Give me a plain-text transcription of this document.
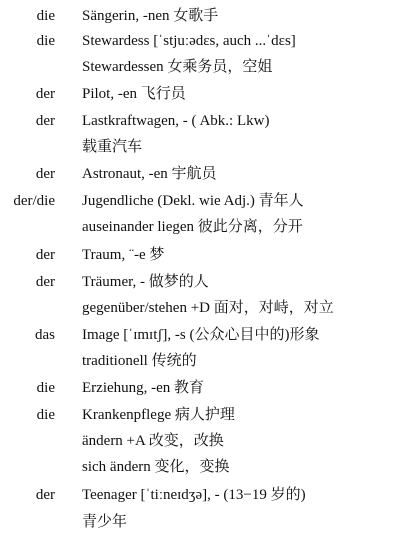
die Sängerin, -nen 女歌手
die Stewardess [ˈstjuːədɛs, auch ...ˈdɛs]
Stewardessen 女乘务员，空姐
der Pilot, -en 飞行员
der Lastkraftwagen, - ( Abk.: Lkw)
载重汽车
der Astronaut, -en 宇航员
der/die Jugendliche (Dekl. wie Adj.) 青年人
auseinander liegen 彼此分离，分开
der Traum, ¨-e 梦
der Träumer, - 做梦的人
gegenüber/stehen +D 面对，对峙，对立
das Image [ˈɪmɪtʃ], -s (公众心目中的)形象
traditionell 传统的
die Erziehung, -en 教育
die Krankenpflege 病人护理
ändern +A 改变，改换
sich ändern 变化，变换
der Teenager [ˈtiːneɪdʒə], - (13−19 岁的)
青少年
